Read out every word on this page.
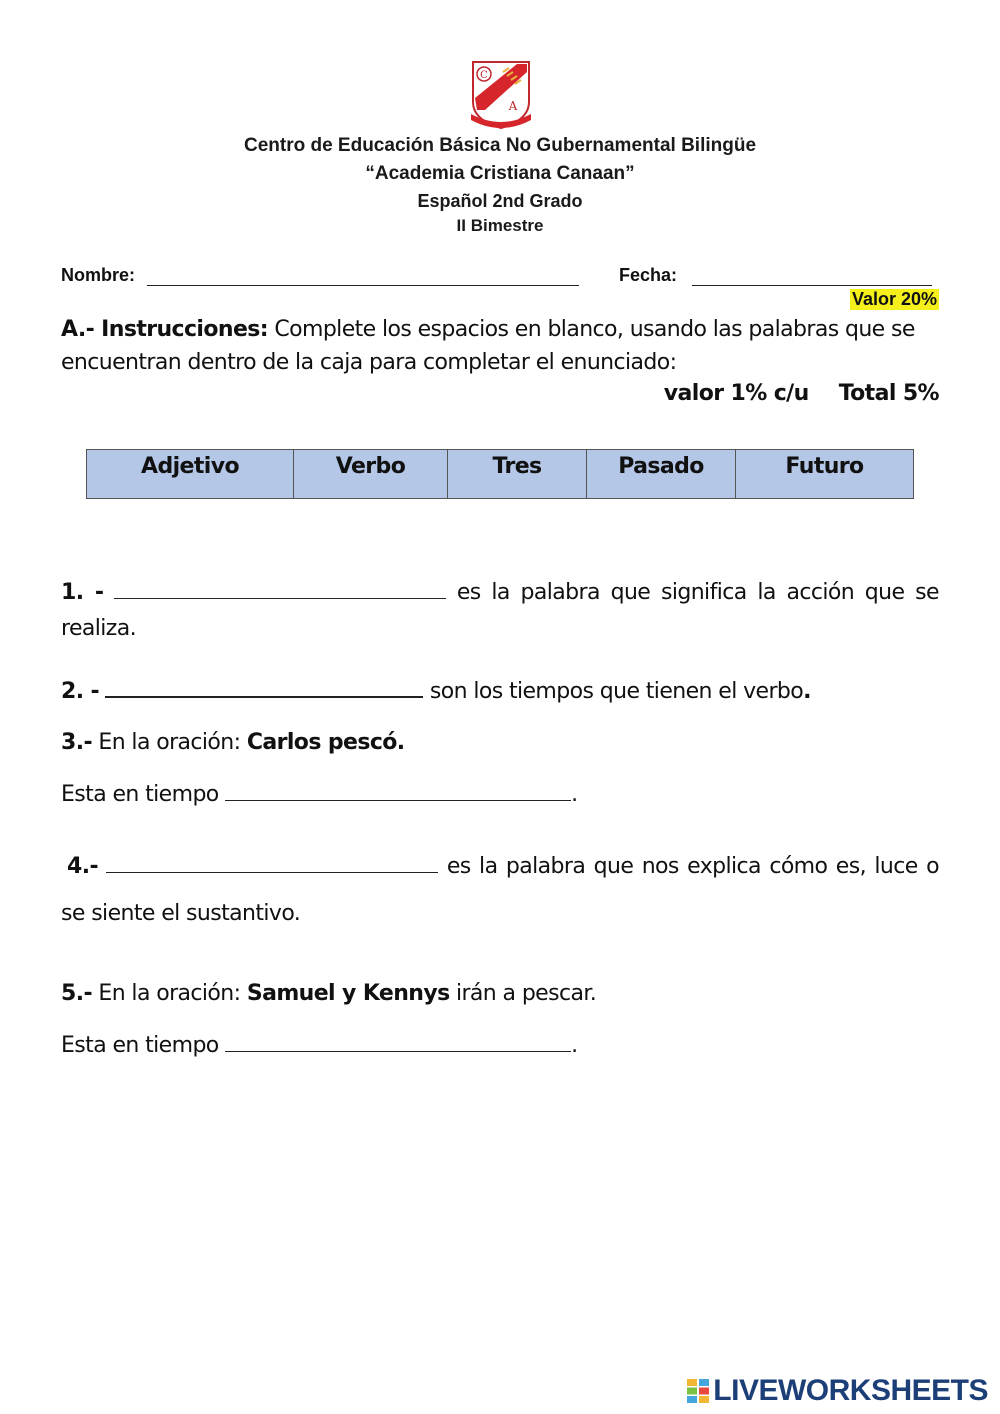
C
A
Centro de Educación Básica No Gubernamental Bilingüe
“Academia Cristiana Canaan”
Español 2nd Grado
II Bimestre
Nombre:	Fecha:
Valor 20%
A.- Instrucciones: Complete los espacios en blanco, usando las palabras que se encuentran dentro de la caja para completar el enunciado:
valor 1% c/u Total 5%
Adjetivo	Verbo	Tres	Pasado	Futuro
1. -	es la palabra que significa la acción que se
realiza.
2. -	son los tiempos que tienen el verbo.
3.- En la oración: Carlos pescó.
Esta en tiempo	.
4.-	es la palabra que nos explica cómo es, luce o
se siente el sustantivo.
5.- En la oración: Samuel y Kennys irán a pescar.
Esta en tiempo	.
LIVEWORKSHEETS
